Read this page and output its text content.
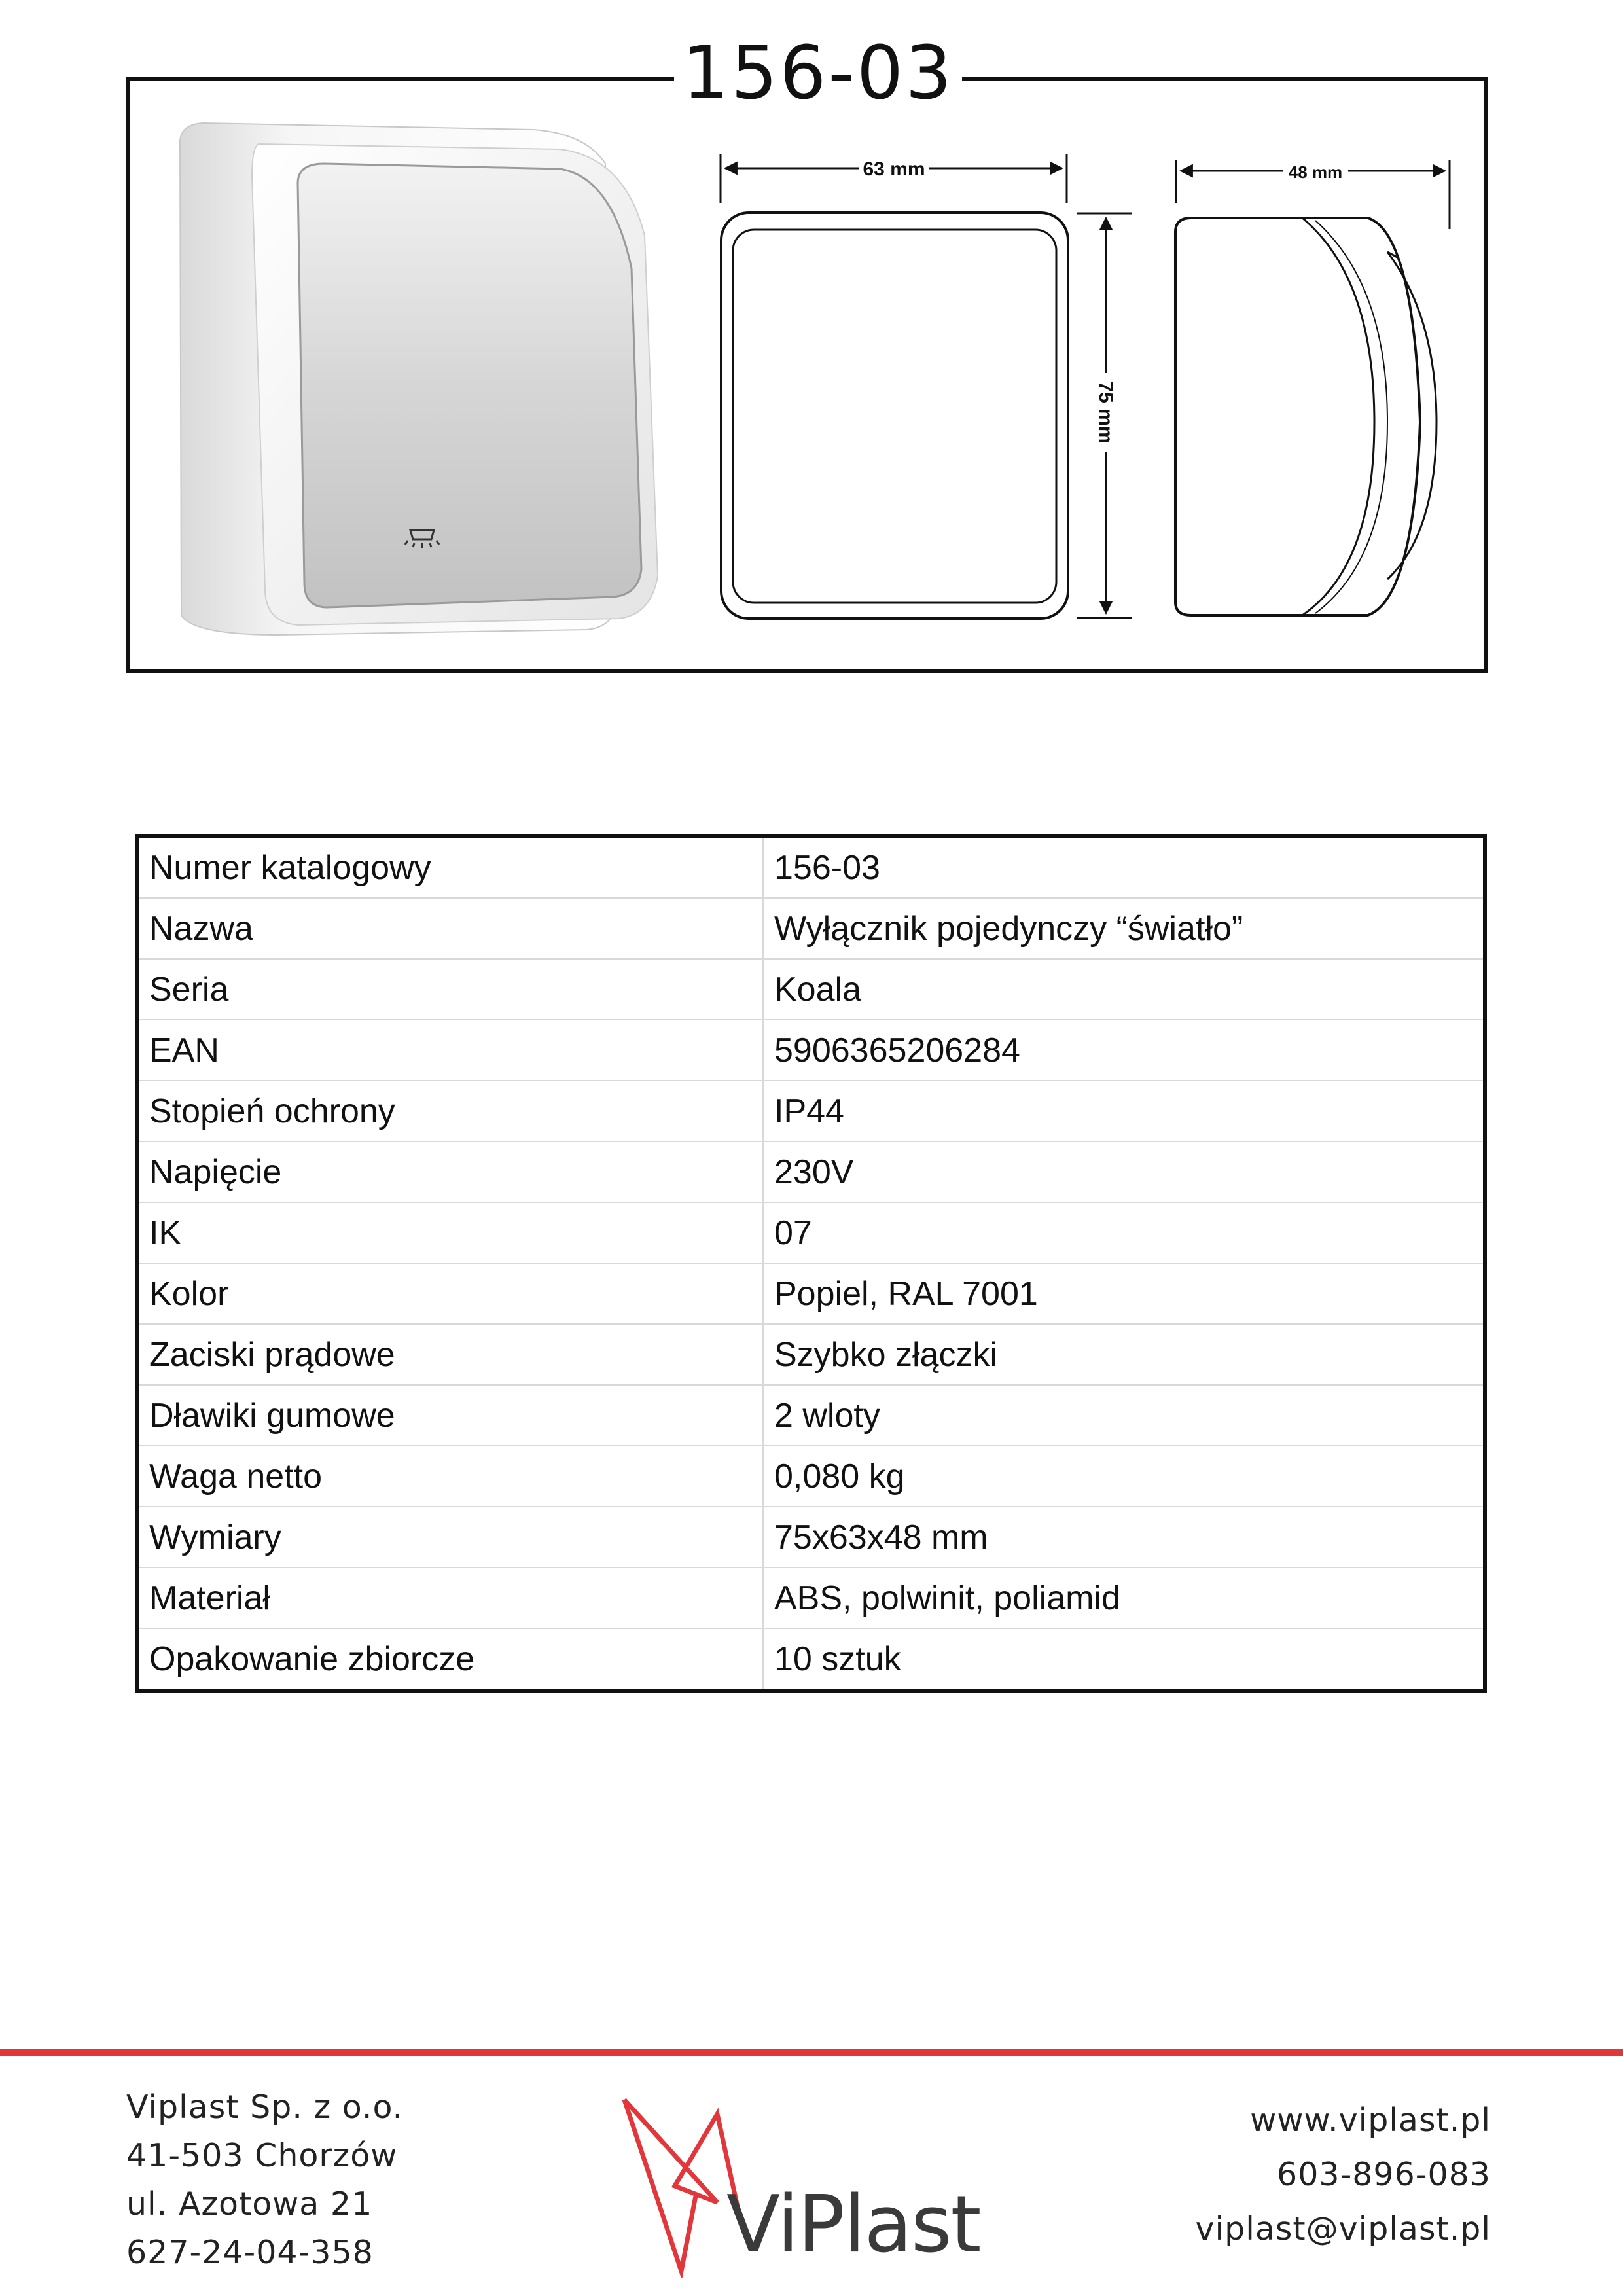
156-03
63 mm
75 mm
48 mm
Numer katalogowy	156-03
Nazwa	Wyłącznik pojedynczy “światło”
Seria	Koala
EAN	5906365206284
Stopień ochrony	IP44
Napięcie	230V
IK	07
Kolor	Popiel, RAL 7001
Zaciski prądowe	Szybko złączki
Dławiki gumowe	2 wloty
Waga netto	0,080 kg
Wymiary	75x63x48 mm
Materiał	ABS, polwinit, poliamid
Opakowanie zbiorcze	10 sztuk
Viplast Sp. z o.o.
41-503 Chorzów
ul. Azotowa 21
627-24-04-358	ViPlast
www.viplast.pl
603-896-083
viplast@viplast.pl
